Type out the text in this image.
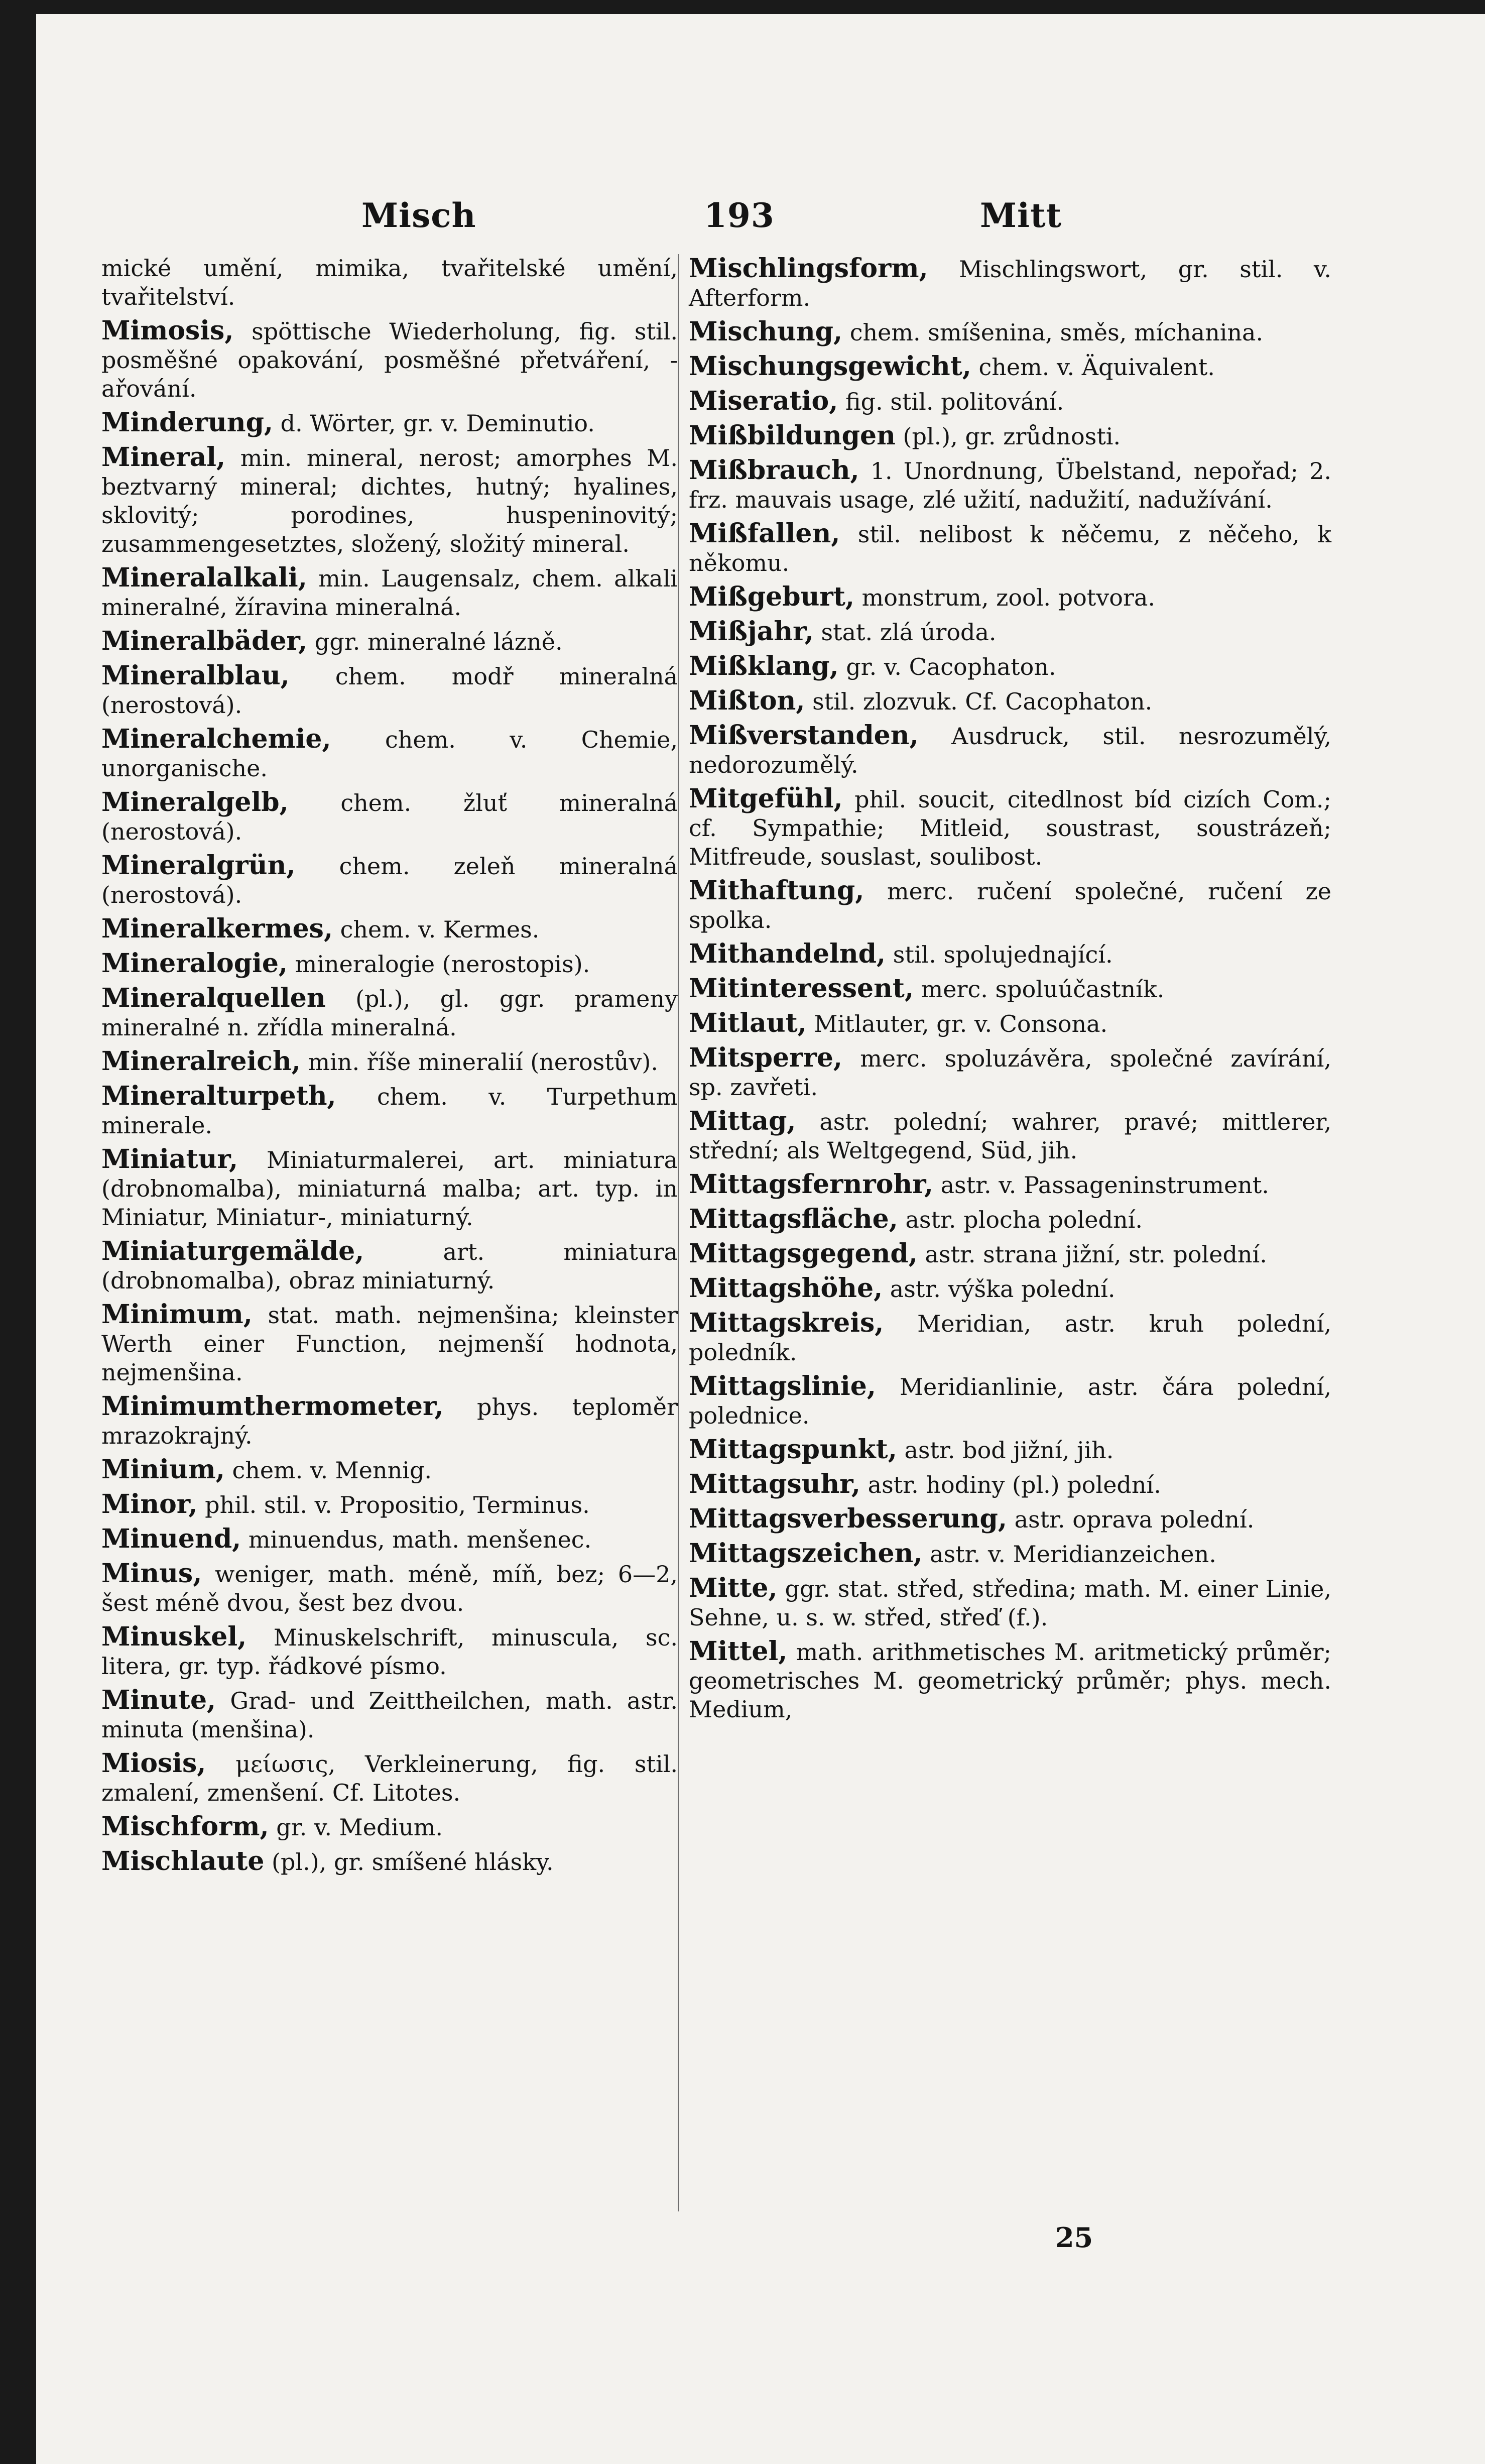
Misch	193	Mitt

mické umění, mimika, tvařitelské umění, tvařitelství.

Mimosis, spöttische Wiederholung, fig. stil. posměšné opakování, posměšné přetváření, -ařování.

Minderung, d. Wörter, gr. v. Deminutio.

Mineral, min. mineral, nerost; amorphes M. beztvarný mineral; dichtes, hutný; hyalines, sklovitý; porodines, huspeninovitý; zusammengesetztes, složený, složitý mineral.

Mineralalkali, min. Laugensalz, chem. alkali mineralné, žíravina mineralná.

Mineralbäder, ggr. mineralné lázně.

Mineralblau, chem. modř mineralná (nerostová).

Mineralchemie, chem. v. Chemie, unorganische.

Mineralgelb, chem. žluť mineralná (nerostová).

Mineralgrün, chem. zeleň mineralná (nerostová).

Mineralkermes, chem. v. Kermes.

Mineralogie, mineralogie (nerostopis).

Mineralquellen (pl.), gl. ggr. prameny mineralné n. zřídla mineralná.

Mineralreich, min. říše mineralií (nerostův).

Mineralturpeth, chem. v. Turpethum minerale.

Miniatur, Miniaturmalerei, art. miniatura (drobnomalba), miniaturná malba; art. typ. in Miniatur, Miniatur-, miniaturný.

Miniaturgemälde,	art. miniatura (drobnomalba), obraz miniaturný.

Minimum, stat. math. nejmenšina; kleinster Werth einer Function, nejmenší hodnota, nejmenšina.

Minimumthermometer, phys. teploměr mrazokrajný.

Minium, chem. v. Mennig.

Minor, phil. stil. v. Propositio, Terminus.

Minuend, minuendus, math. menšenec.

Minus, weniger, math. méně, míň, bez; 6—2, šest méně dvou, šest bez dvou.

Minuskel, Minuskelschrift, minuscula, sc. litera, gr. typ. řádkové písmo.

Minute, Grad- und Zeittheilchen, math. astr. minuta (menšina).

Miosis, μείωσις, Verkleinerung, fig. stil. zmalení, zmenšení. Cf. Litotes.

Mischform, gr. v. Medium.

Mischlaute (pl.), gr. smíšené hlásky.

Mischlingsform, Mischlingswort, gr. stil. v. Afterform.

Mischung, chem. smíšenina, směs, míchanina.

Mischungsgewicht, chem. v. Äquivalent.

Miseratio, fig. stil. politování.

Mißbildungen (pl.), gr. zrůdnosti.

Mißbrauch, 1. Unordnung, Übelstand, nepořad; 2. frz. mauvais usage, zlé užití, nadužití, nadužívání.

Mißfallen, stil. nelibost k něčemu, z něčeho, k někomu.

Mißgeburt, monstrum, zool. potvora.

Mißjahr, stat. zlá úroda.

Mißklang, gr. v. Cacophaton.

Mißton, stil. zlozvuk. Cf. Cacophaton.

Mißverstanden, Ausdruck, stil. nesrozumělý, nedorozumělý.

Mitgefühl, phil. soucit, citedlnost bíd cizích Com.; cf. Sympathie; Mitleid, soustrast, soustrázeň; Mitfreude, souslast, soulibost.

Mithaftung, merc. ručení společné, ručení ze spolka.

Mithandelnd, stil. spolujednající.

Mitinteressent, merc. spoluúčastník.

Mitlaut, Mitlauter, gr. v. Consona.

Mitsperre, merc. spoluzávěra, společné zavírání, sp. zavřeti.

Mittag, astr. polední; wahrer, pravé; mittlerer, střední; als Weltgegend, Süd, jih.

Mittagsfernrohr, astr. v. Passageninstrument.

Mittagsfläche, astr. plocha polední.

Mittagsgegend, astr. strana jižní, str. polední.

Mittagshöhe, astr. výška polední.

Mittagskreis, Meridian, astr. kruh polední, poledník.

Mittagslinie, Meridianlinie, astr. čára polední, polednice.

Mittagspunkt, astr. bod jižní, jih.

Mittagsuhr, astr. hodiny (pl.) polední.

Mittagsverbesserung, astr. oprava polední.

Mittagszeichen, astr. v. Meridianzeichen.

Mitte, ggr. stat. střed, středina; math. M. einer Linie, Sehne, u. s. w. střed, střeď (f.).

Mittel, math. arithmetisches M. aritmetický průměr; geometrisches M. geometrický průměr; phys. mech. Medium,

25
